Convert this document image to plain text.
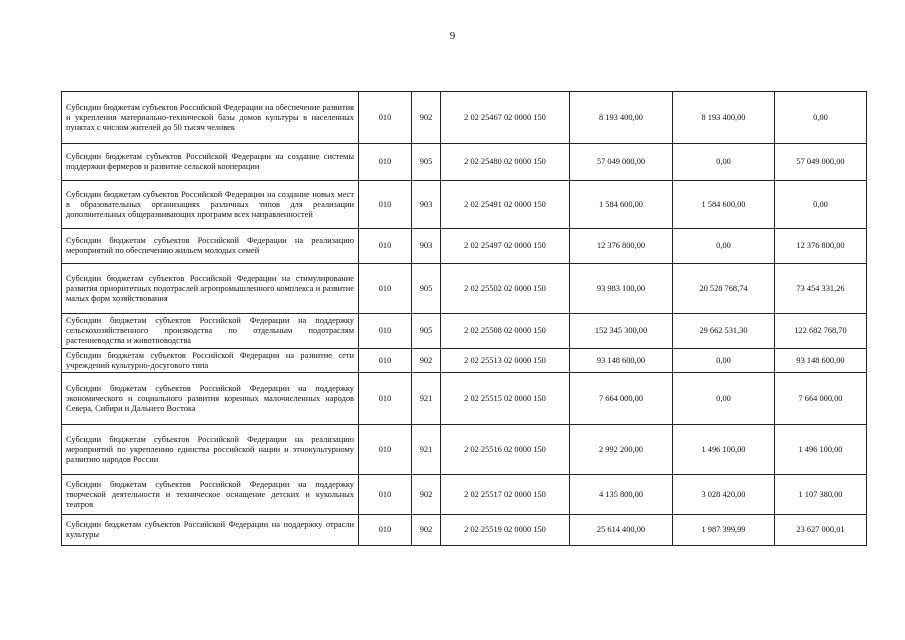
9
Субсидии бюджетам субъектов Российской Федерации на обеспечение развития и укрепления материально-технической базы домов культуры в населенных пунктах с числом жителей до 50 тысяч человек	010	902	2 02 25467 02 0000 150	8 193 400,00	8 193 400,00	0,00
Субсидии бюджетам субъектов Российской Федерации на создание системы поддержки фермеров и развитие сельской кооперации	010	905	2 02 25480 02 0000 150	57 049 000,00	0,00	57 049 000,00
Субсидии бюджетам субъектов Российской Федерации на создание новых мест в образовательных организациях различных типов для реализации дополнительных общеразвивающих программ всех направленностей	010	903	2 02 25491 02 0000 150	1 584 600,00	1 584 600,00	0,00
Субсидии бюджетам субъектов Российской Федерации на реализацию мероприятий по обеспечению жильем молодых семей	010	903	2 02 25497 02 0000 150	12 376 800,00	0,00	12 376 800,00
Субсидии бюджетам субъектов Российской Федерации на стимулирование развития приоритетных подотраслей агропромышленного комплекса и развитие малых форм хозяйствования	010	905	2 02 25502 02 0000 150	93 983 100,00	20 528 768,74	73 454 331,26
Субсидии бюджетам субъектов Российской Федерации на поддержку сельскохозяйственного производства по отдельным подотраслям растениеводства и животноводства	010	905	2 02 25508 02 0000 150	152 345 300,00	29 662 531,30	122 682 768,70
Субсидии бюджетам субъектов Российской Федерации на развитие сети учреждений культурно-досугового типа	010	902	2 02 25513 02 0000 150	93 148 600,00	0,00	93 148 600,00
Субсидии бюджетам субъектов Российской Федерации на поддержку экономического и социального развития коренных малочисленных народов Севера, Сибири и Дальнего Востока	010	921	2 02 25515 02 0000 150	7 664 000,00	0,00	7 664 000,00
Субсидии бюджетам субъектов Российской Федерации на реализацию мероприятий по укреплению единства российской нации и этнокультурному развитию народов России	010	921	2 02 25516 02 0000 150	2 992 200,00	1 496 100,00	1 496 100,00
Субсидии бюджетам субъектов Российской Федерации на поддержку творческой деятельности и техническое оснащение детских и кукольных театров	010	902	2 02 25517 02 0000 150	4 135 800,00	3 028 420,00	1 107 380,00
Субсидии бюджетам субъектов Российской Федерации на поддержку отрасли культуры	010	902	2 02 25519 02 0000 150	25 614 400,00	1 987 399,99	23 627 000,01
